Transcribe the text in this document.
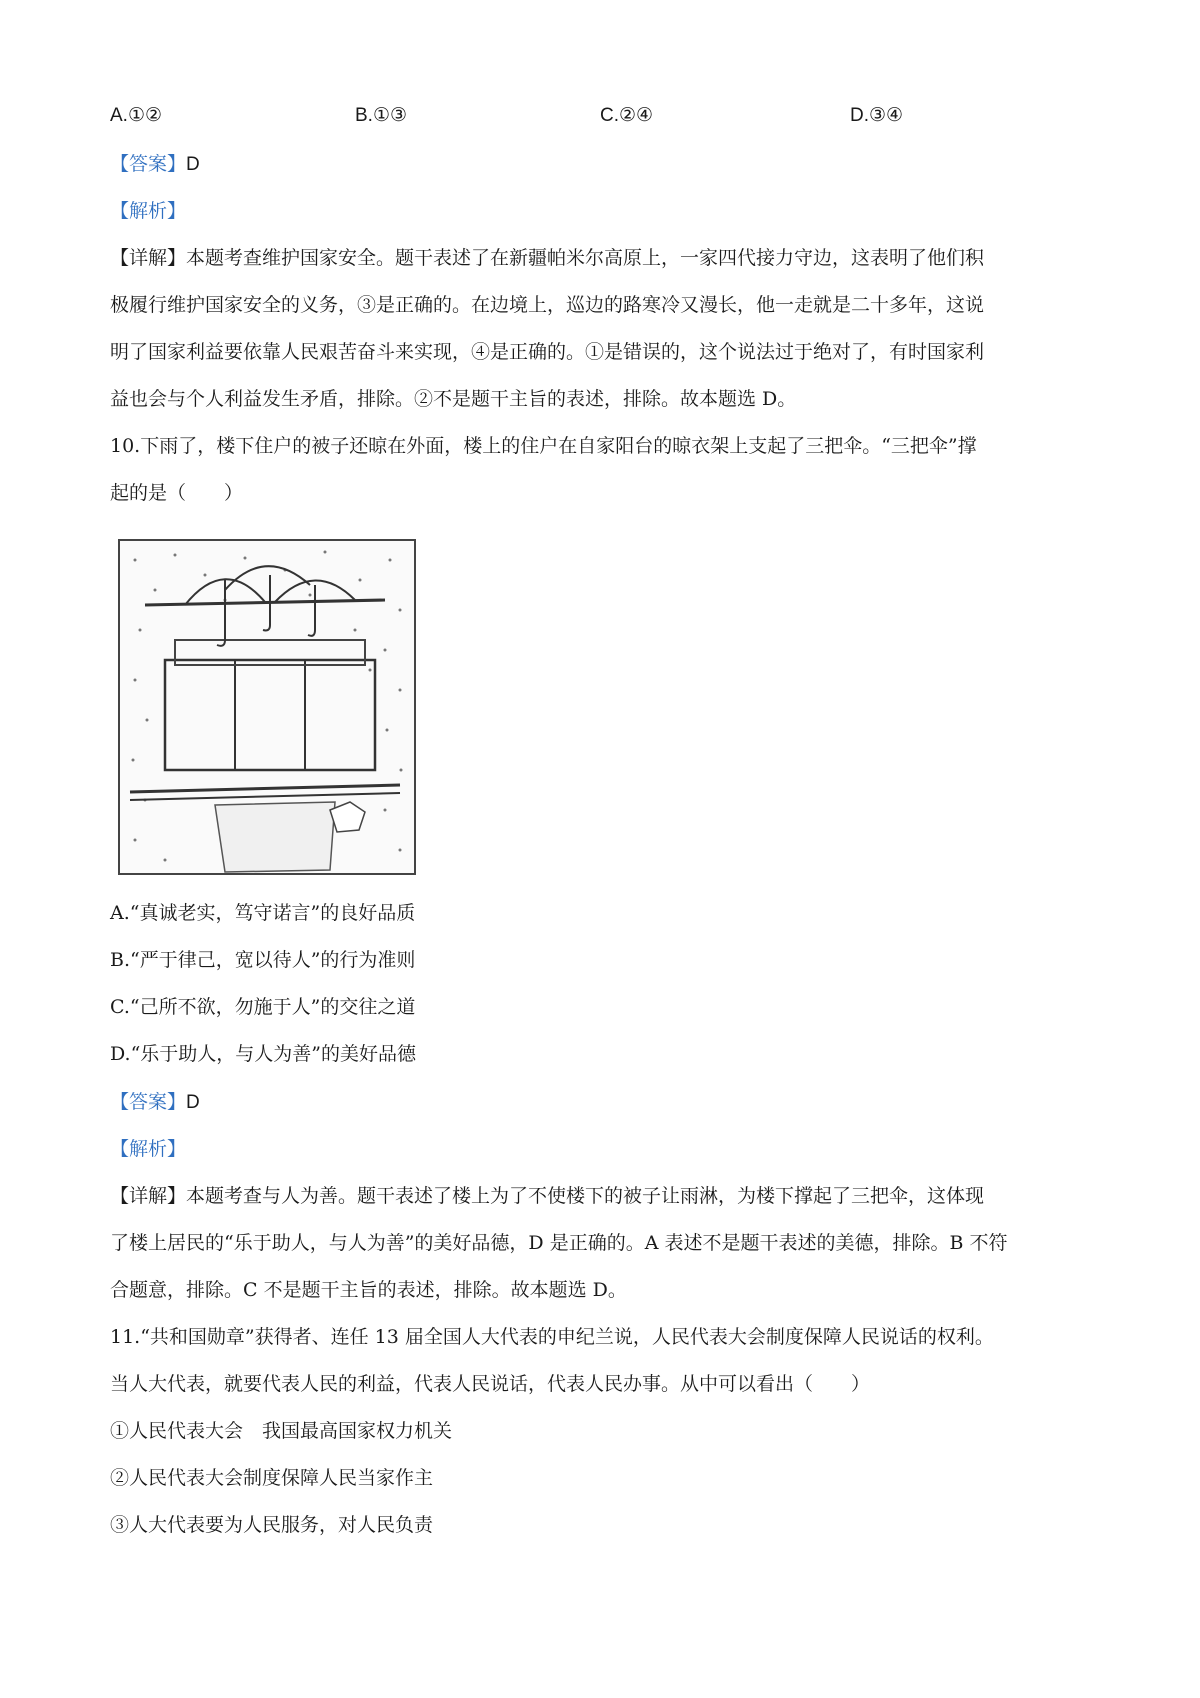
A.①②	B.①③	C.②④	D.③④
【答案】D
【解析】
【详解】本题考查维护国家安全。题干表述了在新疆帕米尔高原上，一家四代接力守边，这表明了他们积
极履行维护国家安全的义务，③是正确的。在边境上，巡边的路寒冷又漫长，他一走就是二十多年，这说
明了国家利益要依靠人民艰苦奋斗来实现，④是正确的。①是错误的，这个说法过于绝对了，有时国家利
益也会与个人利益发生矛盾，排除。②不是题干主旨的表述，排除。故本题选 D。
10.下雨了，楼下住户的被子还晾在外面，楼上的住户在自家阳台的晾衣架上支起了三把伞。“三把伞”撑
起的是（　　）
A.“真诚老实，笃守诺言”的良好品质
B.“严于律己，宽以待人”的行为准则
C.“己所不欲，勿施于人”的交往之道
D.“乐于助人，与人为善”的美好品德
【答案】D
【解析】
【详解】本题考查与人为善。题干表述了楼上为了不使楼下的被子让雨淋，为楼下撑起了三把伞，这体现
了楼上居民的“乐于助人，与人为善”的美好品德，D 是正确的。A 表述不是题干表述的美德，排除。B 不符
合题意，排除。C 不是题干主旨的表述，排除。故本题选 D。
11.“共和国勋章”获得者、连任 13 届全国人大代表的申纪兰说，人民代表大会制度保障人民说话的权利。
当人大代表，就要代表人民的利益，代表人民说话，代表人民办事。从中可以看出（　　）
①人民代表大会　我国最高国家权力机关
②人民代表大会制度保障人民当家作主
③人大代表要为人民服务，对人民负责
